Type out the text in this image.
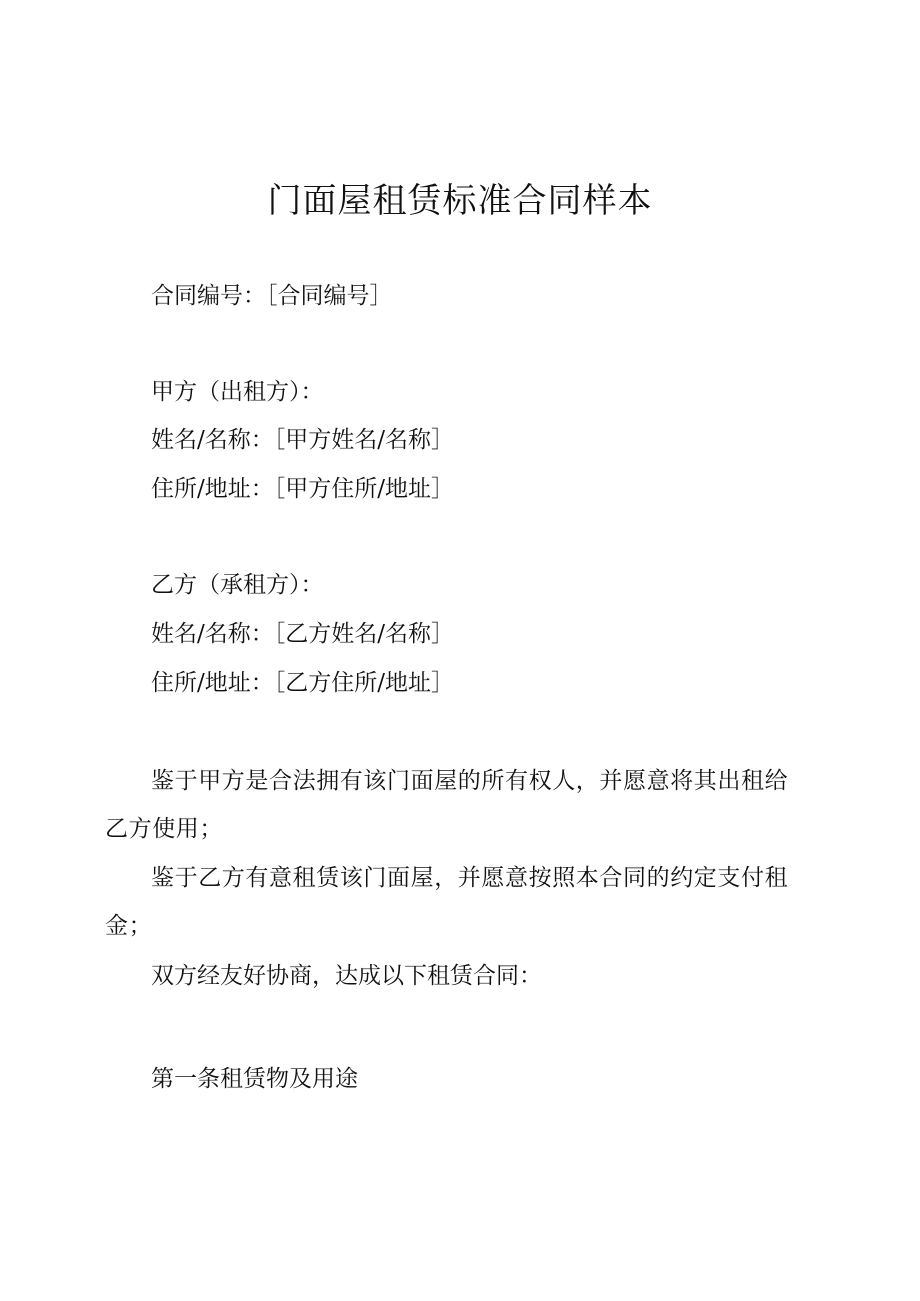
门面屋租赁标准合同样本
合同编号：［合同编号］
甲方（出租方）：
姓名/名称：［甲方姓名/名称］
住所/地址：［甲方住所/地址］
乙方（承租方）：
姓名/名称：［乙方姓名/名称］
住所/地址：［乙方住所/地址］
鉴于甲方是合法拥有该门面屋的所有权人，并愿意将其出租给乙方使用；
鉴于乙方有意租赁该门面屋，并愿意按照本合同的约定支付租金；
双方经友好协商，达成以下租赁合同：
第一条租赁物及用途
